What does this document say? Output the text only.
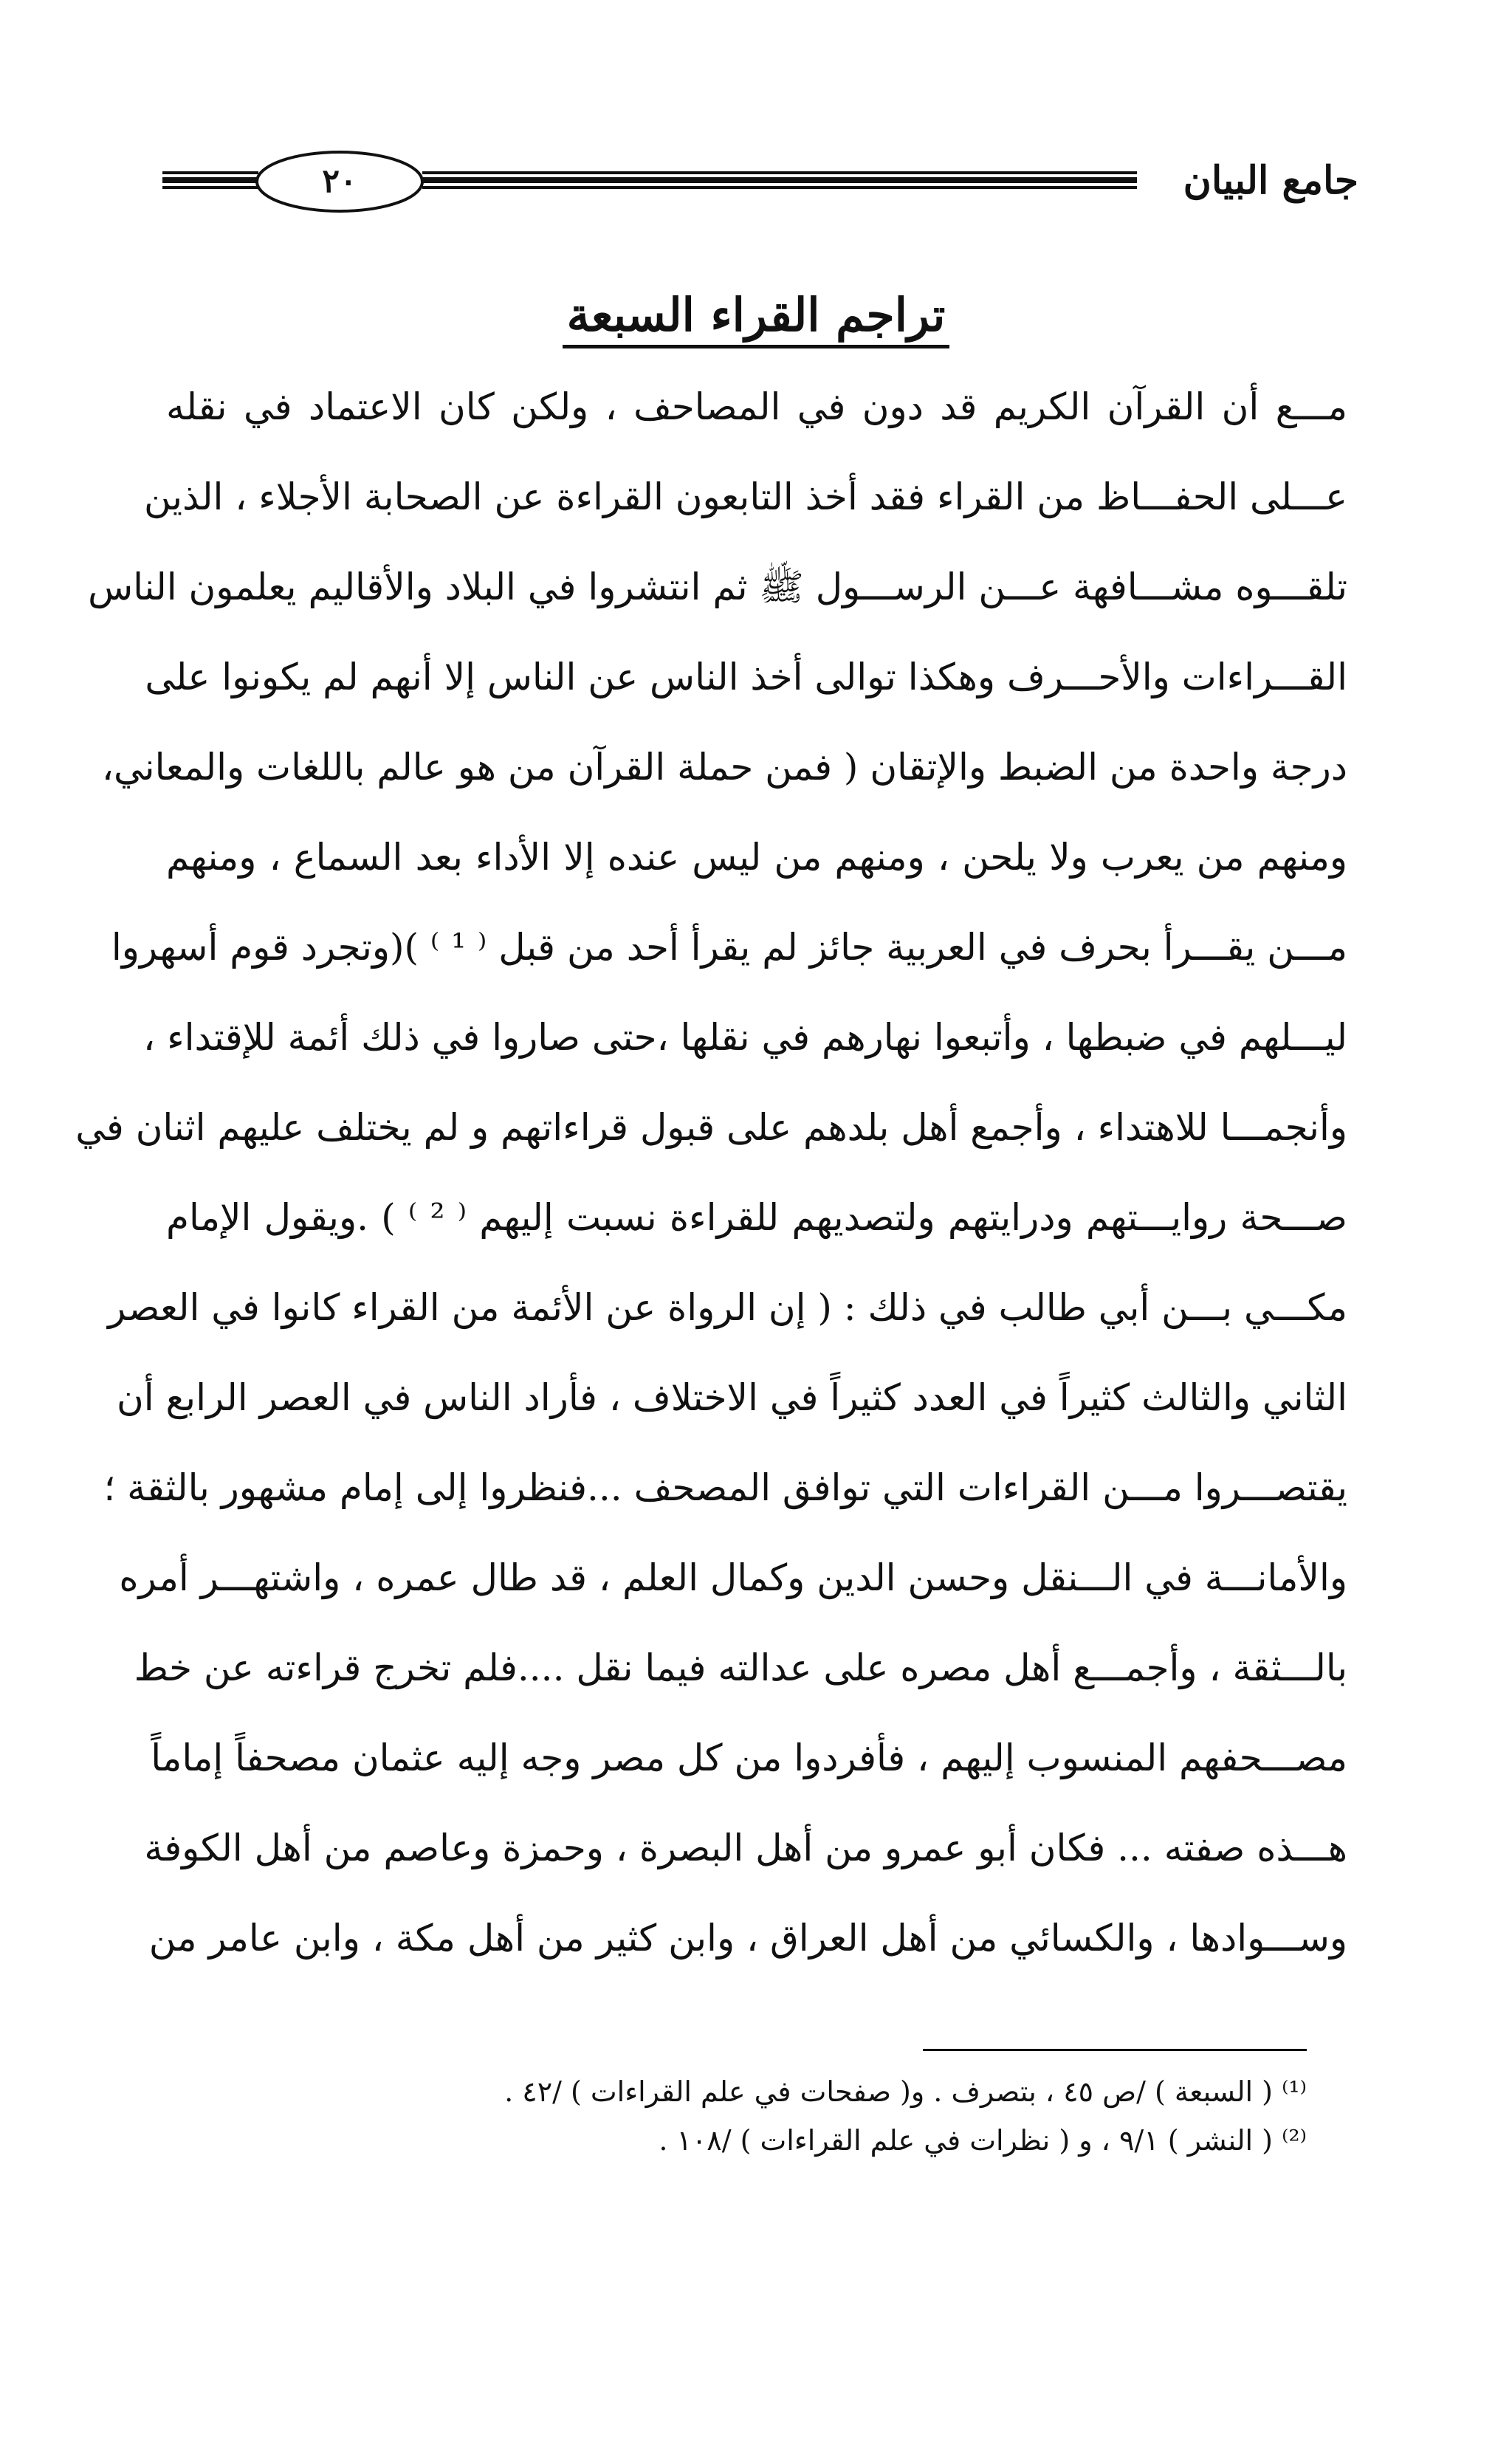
٢٠	جامع البيان
تراجم القراء السبعة
مـــع أن القرآن الكريم قد دون في المصاحف ، ولكن كان الاعتماد في نقله
عـــلى الحفـــاظ من القراء فقد أخذ التابعون القراءة عن الصحابة الأجلاء ، الذين
تلقـــوه مشـــافهة عـــن الرســـول ﷺ ثم انتشروا في البلاد والأقاليم يعلمون الناس
القـــراءات والأحـــرف وهكذا توالى أخذ الناس عن الناس إلا أنهم لم يكونوا على
درجة واحدة من الضبط والإتقان ( فمن حملة القرآن من هو عالم باللغات والمعاني،
ومنهم من يعرب ولا يلحن ، ومنهم من ليس عنده إلا الأداء بعد السماع ، ومنهم
مـــن يقـــرأ بحرف في العربية جائز لم يقرأ أحد من قبل ⁽ ¹ ⁾ )(وتجرد قوم أسهروا
ليـــلهم في ضبطها ، وأتبعوا نهارهم في نقلها ،حتى صاروا في ذلك أئمة للإقتداء ،
وأنجمـــا للاهتداء ، وأجمع أهل بلدهم على قبول قراءاتهم و لم يختلف عليهم اثنان في
صـــحة روايـــتهم ودرايتهم ولتصديهم للقراءة نسبت إليهم ⁽ ² ⁾ ) .ويقول الإمام
مكـــي بـــن أبي طالب في ذلك : ( إن الرواة عن الأئمة من القراء كانوا في العصر
الثاني والثالث كثيراً في العدد كثيراً في الاختلاف ، فأراد الناس في العصر الرابع أن
يقتصـــروا مـــن القراءات التي توافق المصحف ...فنظروا إلى إمام مشهور بالثقة ؛
والأمانـــة في الـــنقل وحسن الدين وكمال العلم ، قد طال عمره ، واشتهـــر أمره
بالـــثقة ، وأجمـــع أهل مصره على عدالته فيما نقل ....فلم تخرج قراءته عن خط
مصـــحفهم المنسوب إليهم ، فأفردوا من كل مصر وجه إليه عثمان مصحفاً إماماً
هـــذه صفته ... فكان أبو عمرو من أهل البصرة ، وحمزة وعاصم من أهل الكوفة
وســـوادها ، والكسائي من أهل العراق ، وابن كثير من أهل مكة ، وابن عامر من
⁽¹⁾ ( السبعة ) /ص ٤٥ ، بتصرف . و( صفحات في علم القراءات ) /٤٢ .
⁽²⁾ ( النشر ) ٩/١ ، و ( نظرات في علم القراءات ) /١٠٨ .
